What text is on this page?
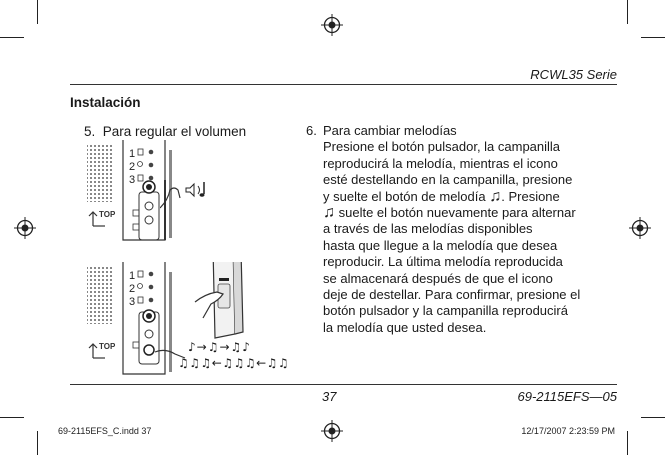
RCWL35 Serie
Instalación
5. Para regular el volumen	6. Para cambiar melodías
Presione el botón pulsador, la campanilla
reproducirá la melodía, mientras el icono
esté destellando en la campanilla, presione
y suelte el botón de melodía ♫. Presione
♫ suelte el botón nuevamente para alternar
a través de las melodías disponibles
hasta que llegue a la melodía que desea
reproducir. La última melodía reproducida
se almacenará después de que el icono
deje de destellar. Para confirmar, presione el
botón pulsador y la campanilla reproducirá
la melodía que usted desea.
1
2
3
TOP
1
2
3
TOP	♪→♫→♫♪
♫♫♫←♫♫♫←♫♫
37	69-2115EFS—05
69-2115EFS_C.indd 37	12/17/2007 2:23:59 PM
